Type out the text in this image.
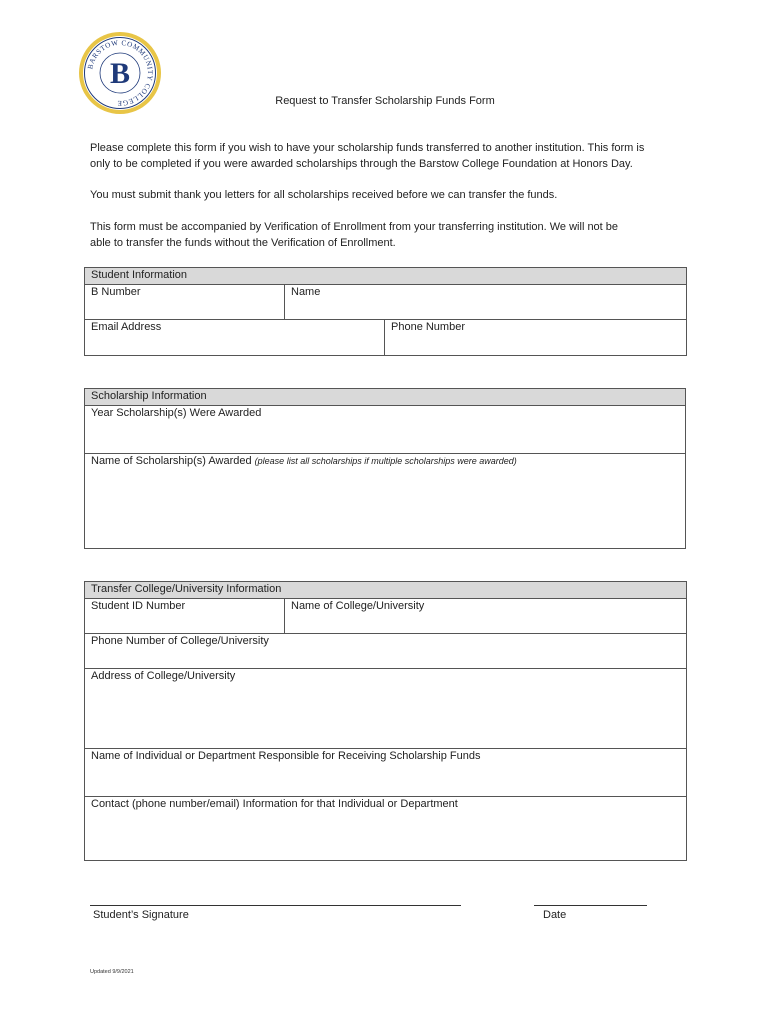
BARSTOW COMMUNITY COLLEGE
B
Request to Transfer Scholarship Funds Form
Please complete this form if you wish to have your scholarship funds transferred to another institution. This form is
only to be completed if you were awarded scholarships through the Barstow College Foundation at Honors Day.
You must submit thank you letters for all scholarships received before we can transfer the funds.
This form must be accompanied by Verification of Enrollment from your transferring institution. We will not be
able to transfer the funds without the Verification of Enrollment.
Student Information		
B Number	Name	
Email Address		Phone Number
Scholarship Information
Year Scholarship(s) Were Awarded
Name of Scholarship(s) Awarded (please list all scholarships if multiple scholarships were awarded)
Transfer College/University Information
Student ID Number	Name of College/University
Phone Number of College/University
Address of College/University
Name of Individual or Department Responsible for Receiving Scholarship Funds
Contact (phone number/email) Information for that Individual or Department
Student’s Signature	Date
Updated 9/9/2021
